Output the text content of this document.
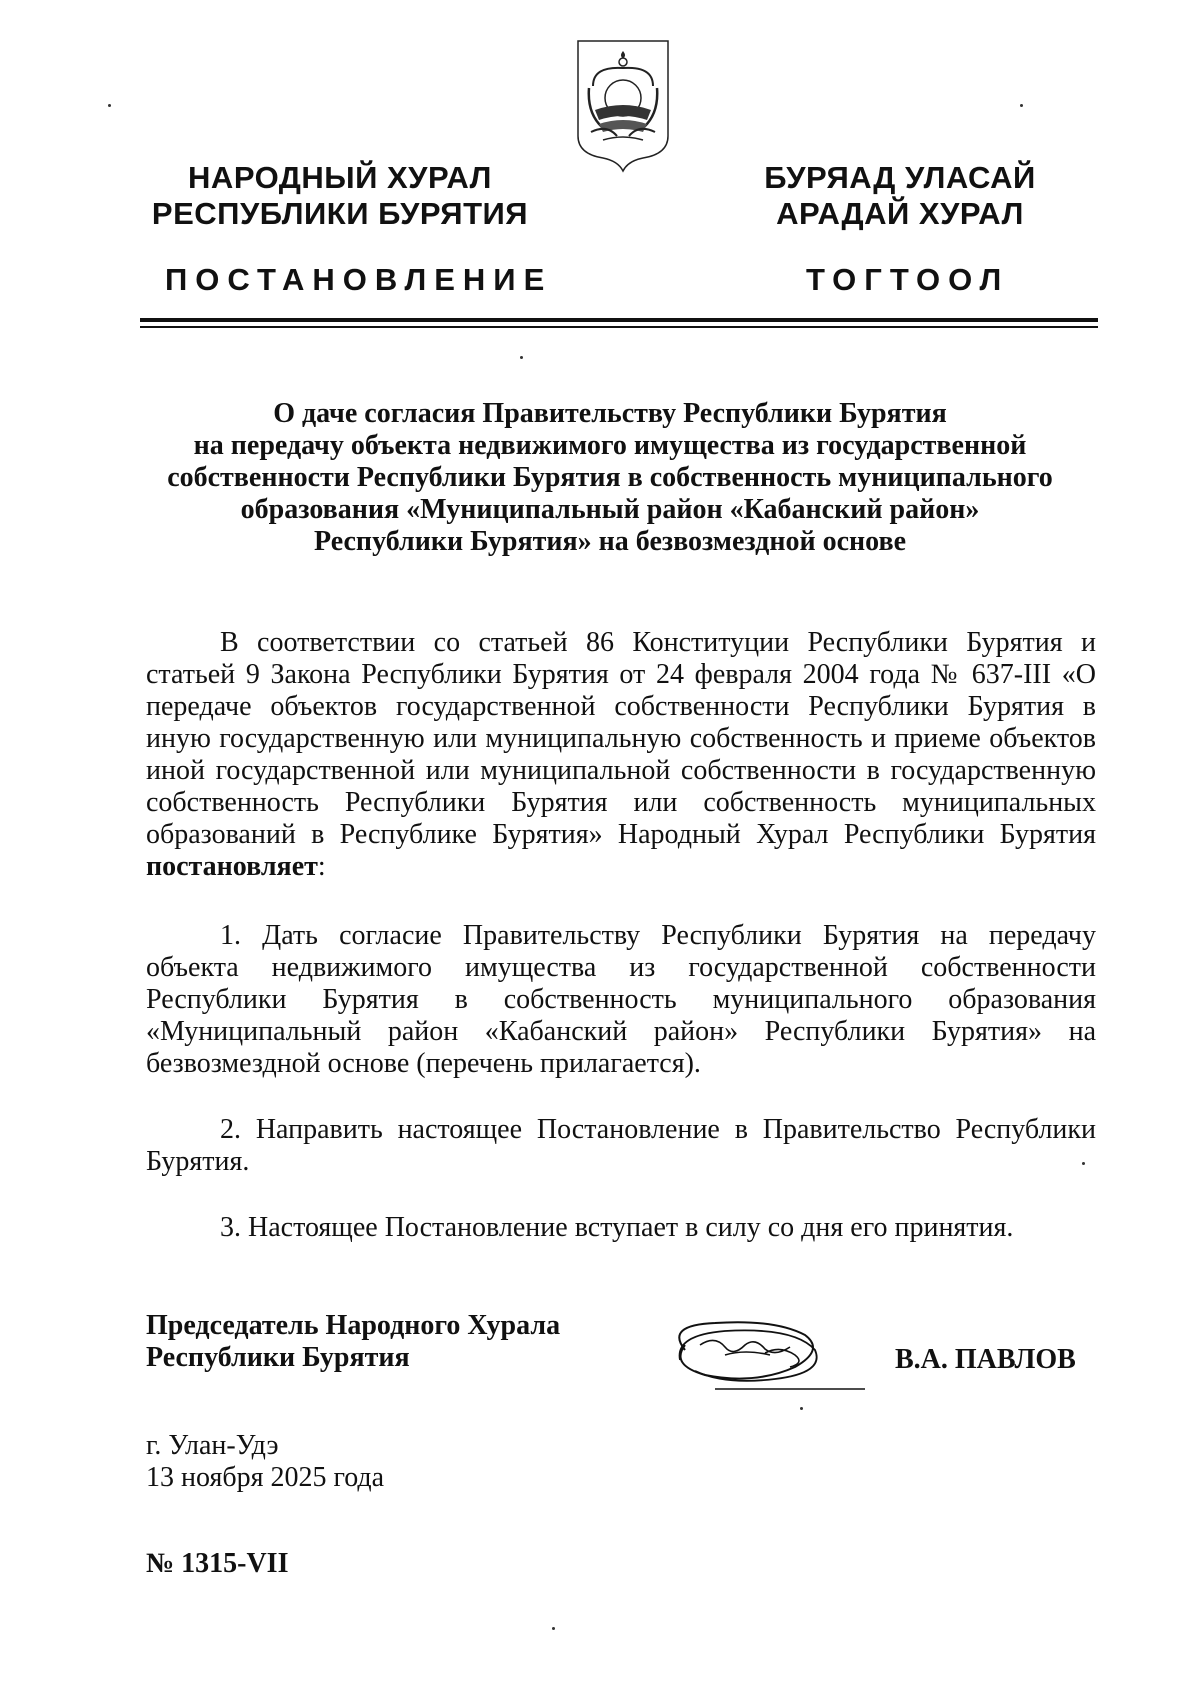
НАРОДНЫЙ ХУРАЛ
РЕСПУБЛИКИ БУРЯТИЯ
БУРЯАД УЛАСАЙ
АРАДАЙ ХУРАЛ
ПОСТАНОВЛЕНИЕ	ТОГТООЛ
О даче согласия Правительству Республики Бурятия
на передачу объекта недвижимого имущества из государственной
собственности Республики Бурятия в собственность муниципального
образования «Муниципальный район «Кабанский район»
Республики Бурятия» на безвозмездной основе
В соответствии со статьей 86 Конституции Республики Бурятия и статьей 9 Закона Республики Бурятия от 24 февраля 2004 года № 637-III «О передаче объектов государственной собственности Республики Бурятия в иную государственную или муниципальную собственность и приеме объектов иной государственной или муниципальной собственности в государственную собственность Республики Бурятия или собственность муниципальных образований в Республике Бурятия» Народный Хурал Республики Бурятия постановляет:
1. Дать согласие Правительству Республики Бурятия на передачу объекта недвижимого имущества из государственной собственности Республики Бурятия в собственность муниципального образования «Муниципальный район «Кабанский район» Республики Бурятия» на безвозмездной основе (перечень прилагается).
2. Направить настоящее Постановление в Правительство Республики Бурятия.
3. Настоящее Постановление вступает в силу со дня его принятия.
Председатель Народного Хурала
Республики Бурятия	В.А. ПАВЛОВ
г. Улан-Удэ
13 ноября 2025 года
№ 1315-VII
